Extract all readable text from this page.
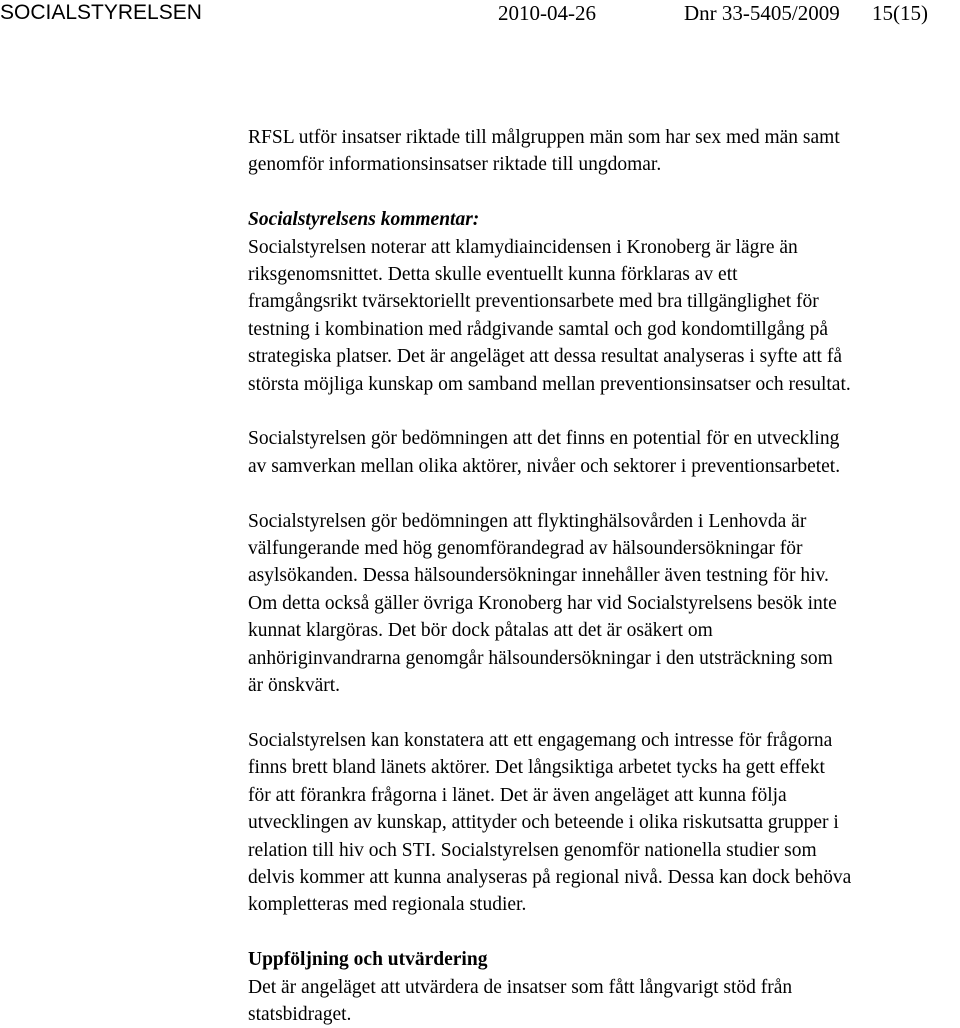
SOCIALSTYRELSEN	2010-04-26	Dnr 33-5405/2009 15(15)

RFSL utför insatser riktade till målgruppen män som har sex med män samt
genomför informationsinsatser riktade till ungdomar.

Socialstyrelsens kommentar:

Socialstyrelsen noterar att klamydiaincidensen i Kronoberg är lägre än
riksgenomsnittet. Detta skulle eventuellt kunna förklaras av ett
framgångsrikt tvärsektoriellt preventionsarbete med bra tillgänglighet för
testning i kombination med rådgivande samtal och god kondomtillgång på
strategiska platser. Det är angeläget att dessa resultat analyseras i syfte att få
största möjliga kunskap om samband mellan preventionsinsatser och resultat.

Socialstyrelsen gör bedömningen att det finns en potential för en utveckling
av samverkan mellan olika aktörer, nivåer och sektorer i preventionsarbetet.

Socialstyrelsen gör bedömningen att flyktinghälsovården i Lenhovda är
välfungerande med hög genomförandegrad av hälsoundersökningar för
asylsökanden. Dessa hälsoundersökningar innehåller även testning för hiv.
Om detta också gäller övriga Kronoberg har vid Socialstyrelsens besök inte
kunnat klargöras. Det bör dock påtalas att det är osäkert om
anhöriginvandrarna genomgår hälsoundersökningar i den utsträckning som
är önskvärt.

Socialstyrelsen kan konstatera att ett engagemang och intresse för frågorna
finns brett bland länets aktörer. Det långsiktiga arbetet tycks ha gett effekt
för att förankra frågorna i länet. Det är även angeläget att kunna följa
utvecklingen av kunskap, attityder och beteende i olika riskutsatta grupper i
relation till hiv och STI. Socialstyrelsen genomför nationella studier som
delvis kommer att kunna analyseras på regional nivå. Dessa kan dock behöva
kompletteras med regionala studier.

Uppföljning och utvärdering

Det är angeläget att utvärdera de insatser som fått långvarigt stöd från
statsbidraget.
